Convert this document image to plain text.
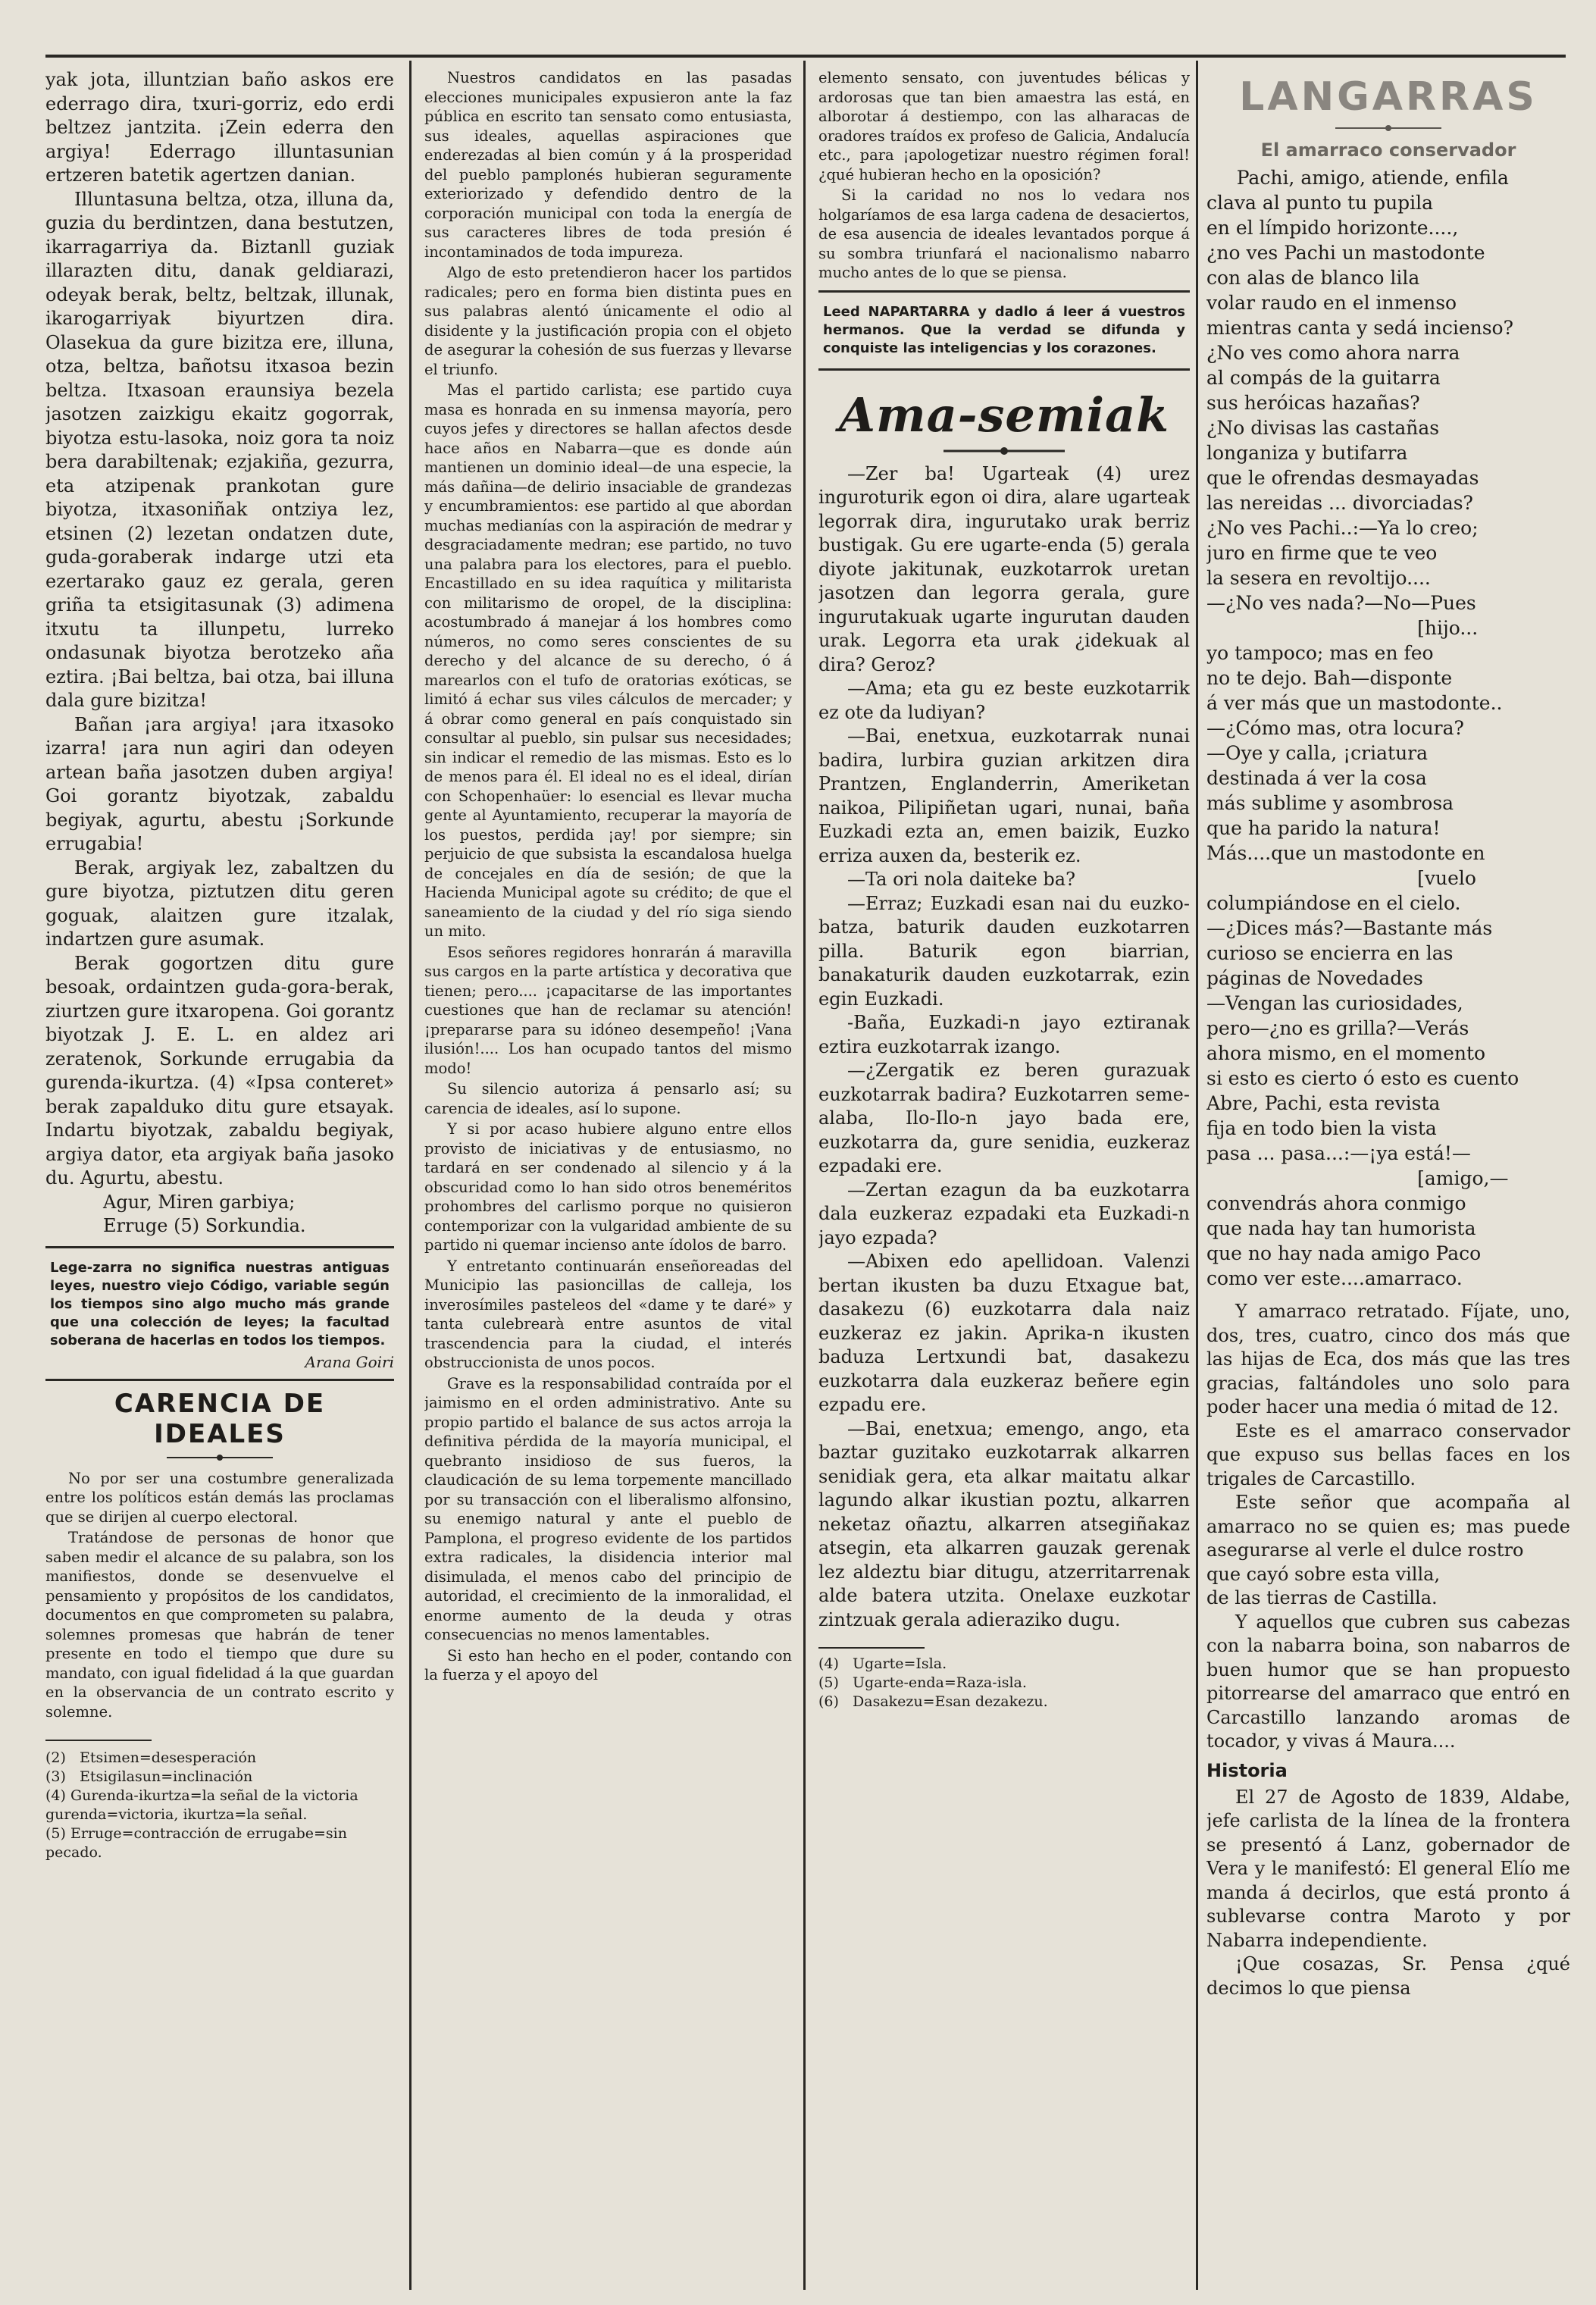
yak jota, illuntzian baño askos ere ederrago dira, txuri-gorriz, edo erdi beltzez jantzita. ¡Zein ederra den argiya! Ederrago illuntasunian ertzeren batetik agertzen danian.

Illuntasuna beltza, otza, illuna da, guzia du berdintzen, dana bestutzen, ikarragarriya da. Biztanll guziak illarazten ditu, danak geldiarazi, odeyak berak, beltz, beltzak, illunak, ikarogarriyak biyurtzen dira. Olasekua da gure bizitza ere, illuna, otza, beltza, bañotsu itxasoa bezin beltza. Itxasoan eraunsiya bezela jasotzen zaizkigu ekaitz gogorrak, biyotza estu-lasoka, noiz gora ta noiz bera darabiltenak; ezjakiña, gezurra, eta atzipenak prankotan gure biyotza, itxasoniñak ontziya lez, etsinen (2) lezetan ondatzen dute, guda-goraberak indarge utzi eta ezertarako gauz ez gerala, geren griña ta etsigitasunak (3) adimena itxutu ta illunpetu, lurreko ondasunak biyotza berotzeko aña eztira. ¡Bai beltza, bai otza, bai illuna dala gure bizitza!

Bañan ¡ara argiya! ¡ara itxasoko izarra! ¡ara nun agiri dan odeyen artean baña jasotzen duben argiya! Goi gorantz biyotzak, zabaldu begiyak, agurtu, abestu ¡Sorkunde errugabia!

Berak, argiyak lez, zabaltzen du gure biyotza, piztutzen ditu geren goguak, alaitzen gure itzalak, indartzen gure asumak.

Berak gogortzen ditu gure besoak, ordaintzen guda-gora-berak, ziurtzen gure itxaropena. Goi gorantz biyotzak J. E. L. en aldez ari zeratenok, Sorkunde errugabia da gurenda-ikurtza. (4) «Ipsa conteret» berak zapalduko ditu gure etsayak. Indartu biyotzak, zabaldu begiyak, argiya dator, eta argiyak baña jasoko du. Agurtu, abestu.

Agur, Miren garbiya;
Erruge (5) Sorkundia.
Lege-zarra no significa nuestras antiguas leyes, nuestro viejo Código, variable según los tiempos sino algo mucho más grande que una colección de leyes; la facultad soberana de hacerlas en todos los tiempos.
Arana Goiri
CARENCIA DE IDEALES

No por ser una costumbre generalizada entre los políticos están demás las proclamas que se dirijen al cuerpo electoral.

Tratándose de personas de honor que saben medir el alcance de su palabra, son los manifiestos, donde se desenvuelve el pensamiento y propósitos de los candidatos, documentos en que comprometen su palabra, solemnes promesas que habrán de tener presente en todo el tiempo que dure su mandato, con igual fidelidad á la que guardan en la observancia de un contrato escrito y solemne.

(2)   Etsimen=desesperación
(3)   Etsigilasun=inclinación
(4) Gurenda-ikurtza=la señal de la victoria gurenda=victoria, ikurtza=la señal.
(5) Erruge=contracción de errugabe=sin pecado.

Nuestros candidatos en las pasadas elecciones municipales expusieron ante la faz pública en escrito tan sensato como entusiasta, sus ideales, aquellas aspiraciones que enderezadas al bien común y á la prosperidad del pueblo pamplonés hubieran seguramente exteriorizado y defendido dentro de la corporación municipal con toda la energía de sus caracteres libres de toda presión é incontaminados de toda impureza.

Algo de esto pretendieron hacer los partidos radicales; pero en forma bien distinta pues en sus palabras alentó únicamente el odio al disidente y la justificación propia con el objeto de asegurar la cohesión de sus fuerzas y llevarse el triunfo.

Mas el partido carlista; ese partido cuya masa es honrada en su inmensa mayoría, pero cuyos jefes y directores se hallan afectos desde hace años en Nabarra—que es donde aún mantienen un dominio ideal—de una especie, la más dañina—de delirio insaciable de grandezas y encumbramientos: ese partido al que abordan muchas medianías con la aspiración de medrar y desgraciadamente medran; ese partido, no tuvo una palabra para los electores, para el pueblo. Encastillado en su idea raquítica y militarista con militarismo de oropel, de la disciplina: acostumbrado á manejar á los hombres como números, no como seres conscientes de su derecho y del alcance de su derecho, ó á marearlos con el tufo de oratorias exóticas, se limitó á echar sus viles cálculos de mercader; y á obrar como general en país conquistado sin consultar al pueblo, sin pulsar sus necesidades; sin indicar el remedio de las mismas. Esto es lo de menos para él. El ideal no es el ideal, dirían con Schopenhaüer: lo esencial es llevar mucha gente al Ayuntamiento, recuperar la mayoría de los puestos, perdida ¡ay! por siempre; sin perjuicio de que subsista la escandalosa huelga de concejales en día de sesión; de que la Hacienda Municipal agote su crédito; de que el saneamiento de la ciudad y del río siga siendo un mito.

Esos señores regidores honrarán á maravilla sus cargos en la parte artística y decorativa que tienen; pero.... ¡capacitarse de las importantes cuestiones que han de reclamar su atención! ¡prepararse para su idóneo desempeño! ¡Vana ilusión!.... Los han ocupado tantos del mismo modo!

Su silencio autoriza á pensarlo así; su carencia de ideales, así lo supone.

Y si por acaso hubiere alguno entre ellos provisto de iniciativas y de entusiasmo, no tardará en ser condenado al silencio y á la obscuridad como lo han sido otros beneméritos prohombres del carlismo porque no quisieron contemporizar con la vulgaridad ambiente de su partido ni quemar incienso ante ídolos de barro.

Y entretanto continuarán enseñoreadas del Municipio las pasioncillas de calleja, los inverosímiles pasteleos del «dame y te daré» y tanta culebrearà entre asuntos de vital trascendencia para la ciudad, el interés obstruccionista de unos pocos.

Grave es la responsabilidad contraída por el jaimismo en el orden administrativo. Ante su propio partido el balance de sus actos arroja la definitiva pérdida de la mayoría municipal, el quebranto insidioso de sus fueros, la claudicación de su lema torpemente mancillado por su transacción con el liberalismo alfonsino, su enemigo natural y ante el pueblo de Pamplona, el progreso evidente de los partidos extra radicales, la disidencia interior mal disimulada, el menos cabo del principio de autoridad, el crecimiento de la inmoralidad, el enorme aumento de la deuda y otras consecuencias no menos lamentables.

Si esto han hecho en el poder, contando con la fuerza y el apoyo del

elemento sensato, con juventudes bélicas y ardorosas que tan bien amaestra las está, en alborotar á destiempo, con las alharacas de oradores traídos ex profeso de Galicia, Andalucía etc., para ¡apologetizar nuestro régimen foral! ¿qué hubieran hecho en la oposición?

Si la caridad no nos lo vedara nos holgaríamos de esa larga cadena de desaciertos, de esa ausencia de ideales levantados porque á su sombra triunfará el nacionalismo nabarro mucho antes de lo que se piensa.

Leed NAPARTARRA y dadlo á leer á vuestros hermanos. Que la verdad se difunda y conquiste las inteligencias y los corazones.
Ama-semiak

—Zer ba! Ugarteak (4) urez inguroturik egon oi dira, alare ugarteak legorrak dira, ingurutako urak berriz bustigak. Gu ere ugarte-enda (5) gerala diyote jakitunak, euzkotarrok uretan jasotzen dan legorra gerala, gure ingurutakuak ugarte ingurutan dauden urak. Legorra eta urak ¿idekuak al dira? Geroz?

—Ama; eta gu ez beste euzkotarrik ez ote da ludiyan?

—Bai, enetxua, euzkotarrak nunai badira, lurbira guzian arkitzen dira Prantzen, Englanderrin, Ameriketan naikoa, Pilipiñetan ugari, nunai, baña Euzkadi ezta an, emen baizik, Euzko erriza auxen da, besterik ez.

—Ta ori nola daiteke ba?

—Erraz; Euzkadi esan nai du euzko-batza, baturik dauden euzkotarren pilla. Baturik egon biarrian, banakaturik dauden euzkotarrak, ezin egin Euzkadi.

-Baña, Euzkadi-n jayo eztiranak eztira euzkotarrak izango.

—¿Zergatik ez beren gurazuak euzkotarrak badira? Euzkotarren seme-alaba, Ilo-Ilo-n jayo bada ere, euzkotarra da, gure senidia, euzkeraz ezpadaki ere.

—Zertan ezagun da ba euzkotarra dala euzkeraz ezpadaki eta Euzkadi-n jayo ezpada?

—Abixen edo apellidoan. Valenzi bertan ikusten ba duzu Etxague bat, dasakezu (6) euzkotarra dala naiz euzkeraz ez jakin. Aprika-n ikusten baduza Lertxundi bat, dasakezu euzkotarra dala euzkeraz beñere egin ezpadu ere.

—Bai, enetxua; emengo, ango, eta baztar guzitako euzkotarrak alkarren senidiak gera, eta alkar maitatu alkar lagundo alkar ikustian poztu, alkarren neketaz oñaztu, alkarren atsegiñakaz atsegin, eta alkarren gauzak gerenak lez aldeztu biar ditugu, atzerritarrenak alde batera utzita. Onelaxe euzkotar zintzuak gerala adieraziko dugu.

(4)   Ugarte=Isla.
(5)   Ugarte-enda=Raza-isla.
(6)   Dasakezu=Esan dezakezu.
LANGARRAS
El amarraco conservador
Pachi, amigo, atiende, enfila
clava al punto tu pupila
en el límpido horizonte....,
¿no ves Pachi un mastodonte
con alas de blanco lila
volar raudo en el inmenso
mientras canta y sedá incienso?
¿No ves como ahora narra
al compás de la guitarra
sus heróicas hazañas?
¿No divisas las castañas
longaniza y butifarra
que le ofrendas desmayadas
las nereidas ... divorciadas?
¿No ves Pachi..:—Ya lo creo;
juro en firme que te veo
la sesera en revoltijo....
—¿No ves nada?—No—Pues
[hijo...
yo tampoco; mas en feo
no te dejo. Bah—disponte
á ver más que un mastodonte..
—¿Cómo mas, otra locura?
—Oye y calla, ¡criatura
destinada á ver la cosa
más sublime y asombrosa
que ha parido la natura!
Más....que un mastodonte en
[vuelo
columpiándose en el cielo.
—¿Dices más?—Bastante más
curioso se encierra en las
páginas de Novedades
—Vengan las curiosidades,
pero—¿no es grilla?—Verás
ahora mismo, en el momento
si esto es cierto ó esto es cuento
Abre, Pachi, esta revista
fija en todo bien la vista
pasa ... pasa...:—¡ya está!—
[amigo,—
convendrás ahora conmigo
que nada hay tan humorista
que no hay nada amigo Paco
como ver este....amarraco.

Y amarraco retratado. Fíjate, uno, dos, tres, cuatro, cinco dos más que las hijas de Eca, dos más que las tres gracias, faltándoles uno solo para poder hacer una media ó mitad de 12.

Este es el amarraco conservador que expuso sus bellas faces en los trigales de Carcastillo.

Este señor que acompaña al amarraco no se quien es; mas puede asegurarse al verle el dulce rostro

que cayó sobre esta villa,
de las tierras de Castilla.

Y aquellos que cubren sus cabezas con la nabarra boina, son nabarros de buen humor que se han propuesto pitorrearse del amarraco que entró en Carcastillo lanzando aromas de tocador, y vivas á Maura....

Historia

El 27 de Agosto de 1839, Aldabe, jefe carlista de la línea de la frontera se presentó á Lanz, gobernador de Vera y le manifestó: El general Elío me manda á decirlos, que está pronto á sublevarse contra Maroto y por Nabarra independiente.

¡Que cosazas, Sr. Pensa ¿qué decimos lo que piensa
